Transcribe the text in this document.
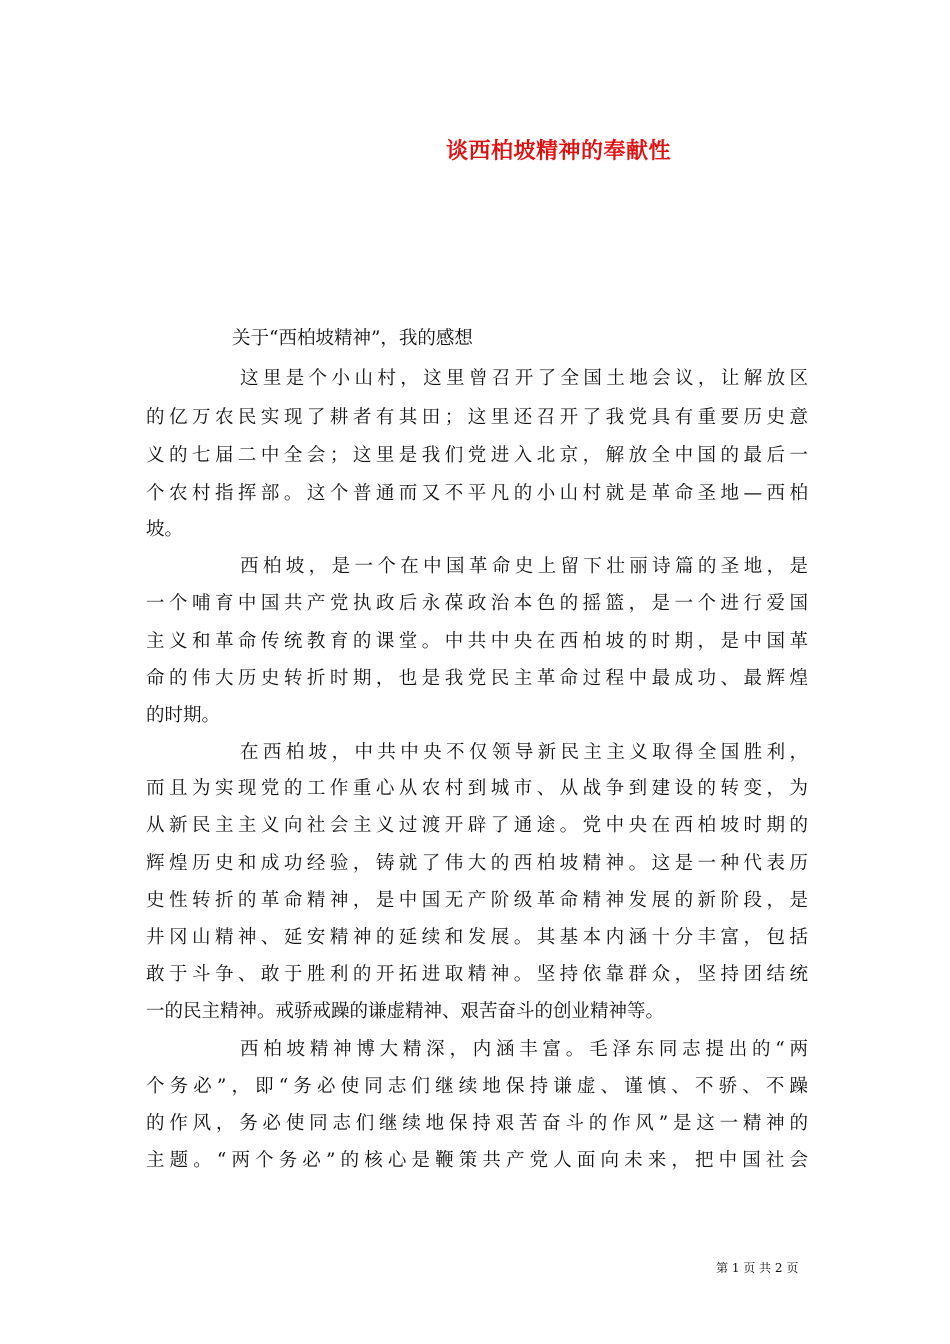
谈西柏坡精神的奉献性
关于“西柏坡精神”，我的感想
这里是个小山村，这里曾召开了全国土地会议，让解放区
的亿万农民实现了耕者有其田；这里还召开了我党具有重要历史意
义的七届二中全会；这里是我们党进入北京，解放全中国的最后一
个农村指挥部。这个普通而又不平凡的小山村就是革命圣地—西柏
坡。
西柏坡，是一个在中国革命史上留下壮丽诗篇的圣地，是
一个哺育中国共产党执政后永葆政治本色的摇篮，是一个进行爱国
主义和革命传统教育的课堂。中共中央在西柏坡的时期，是中国革
命的伟大历史转折时期，也是我党民主革命过程中最成功、最辉煌
的时期。
在西柏坡，中共中央不仅领导新民主主义取得全国胜利，
而且为实现党的工作重心从农村到城市、从战争到建设的转变，为
从新民主主义向社会主义过渡开辟了通途。党中央在西柏坡时期的
辉煌历史和成功经验，铸就了伟大的西柏坡精神。这是一种代表历
史性转折的革命精神，是中国无产阶级革命精神发展的新阶段，是
井冈山精神、延安精神的延续和发展。其基本内涵十分丰富，包括
敢于斗争、敢于胜利的开拓进取精神。坚持依靠群众，坚持团结统
一的民主精神。戒骄戒躁的谦虚精神、艰苦奋斗的创业精神等。
西柏坡精神博大精深，内涵丰富。毛泽东同志提出的“两
个务必”，即“务必使同志们继续地保持谦虚、谨慎、不骄、不躁
的作风，务必使同志们继续地保持艰苦奋斗的作风”是这一精神的
主题。“两个务必”的核心是鞭策共产党人面向未来，把中国社会
第 1 页 共 2 页
